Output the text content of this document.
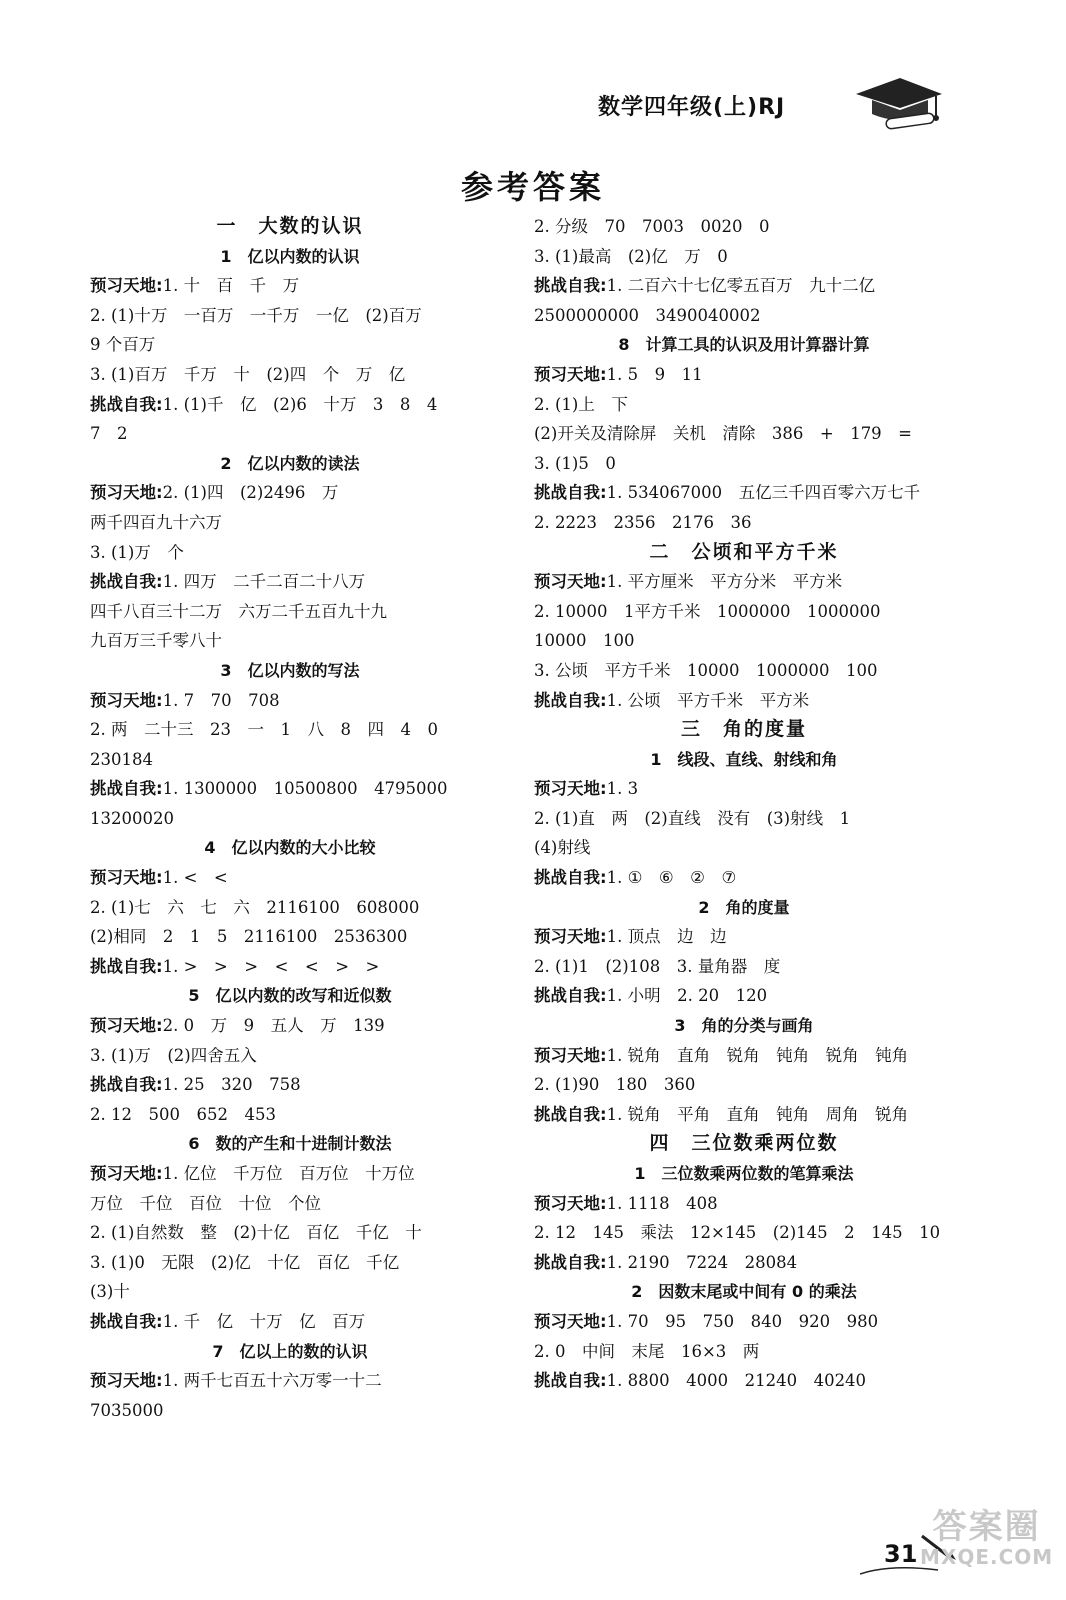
数学四年级(上)RJ
参考答案
一　大数的认识
1　亿以内数的认识
预习天地:1. 十　百　千　万
2. (1)十万　一百万　一千万　一亿　(2)百万
9 个百万
3. (1)百万　千万　十　(2)四　个　万　亿
挑战自我:1. (1)千　亿　(2)6　十万　3　8　4
7　2
2　亿以内数的读法
预习天地:2. (1)四　(2)2496　万
两千四百九十六万
3. (1)万　个
挑战自我:1. 四万　二千二百二十八万
四千八百三十二万　六万二千五百九十九
九百万三千零八十
3　亿以内数的写法
预习天地:1. 7　70　708
2. 两　二十三　23　一　1　八　8　四　4　0
230184
挑战自我:1. 1300000　10500800　4795000
13200020
4　亿以内数的大小比较
预习天地:1. <　<
2. (1)七　六　七　六　2116100　608000
(2)相同　2　1　5　2116100　2536300
挑战自我:1. >　>　>　<　<　>　>
5　亿以内数的改写和近似数
预习天地:2. 0　万　9　五人　万　139
3. (1)万　(2)四舍五入
挑战自我:1. 25　320　758
2. 12　500　652　453
6　数的产生和十进制计数法
预习天地:1. 亿位　千万位　百万位　十万位
万位　千位　百位　十位　个位
2. (1)自然数　整　(2)十亿　百亿　千亿　十
3. (1)0　无限　(2)亿　十亿　百亿　千亿
(3)十
挑战自我:1. 千　亿　十万　亿　百万
7　亿以上的数的认识
预习天地:1. 两千七百五十六万零一十二
7035000
2. 分级　70　7003　0020　0
3. (1)最高　(2)亿　万　0
挑战自我:1. 二百六十七亿零五百万　九十二亿
2500000000　3490040002
8　计算工具的认识及用计算器计算
预习天地:1. 5　9　11
2. (1)上　下
(2)开关及清除屏　关机　清除　386　+　179　=
3. (1)5　0
挑战自我:1. 534067000　五亿三千四百零六万七千
2. 2223　2356　2176　36
二　公顷和平方千米
预习天地:1. 平方厘米　平方分米　平方米
2. 10000　1平方千米　1000000　1000000
10000　100
3. 公顷　平方千米　10000　1000000　100
挑战自我:1. 公顷　平方千米　平方米
三　角的度量
1　线段、直线、射线和角
预习天地:1. 3
2. (1)直　两　(2)直线　没有　(3)射线　1
(4)射线
挑战自我:1. ①　⑥　②　⑦
2　角的度量
预习天地:1. 顶点　边　边
2. (1)1　(2)108　3. 量角器　度
挑战自我:1. 小明　2. 20　120
3　角的分类与画角
预习天地:1. 锐角　直角　锐角　钝角　锐角　钝角
2. (1)90　180　360
挑战自我:1. 锐角　平角　直角　钝角　周角　锐角
四　三位数乘两位数
1　三位数乘两位数的笔算乘法
预习天地:1. 1118　408
2. 12　145　乘法　12×145　(2)145　2　145　10
挑战自我:1. 2190　7224　28084
2　因数末尾或中间有 0 的乘法
预习天地:1. 70　95　750　840　920　980
2. 0　中间　末尾　16×3　两
挑战自我:1. 8800　4000　21240　40240
31
答案圈
MXQE.COM
